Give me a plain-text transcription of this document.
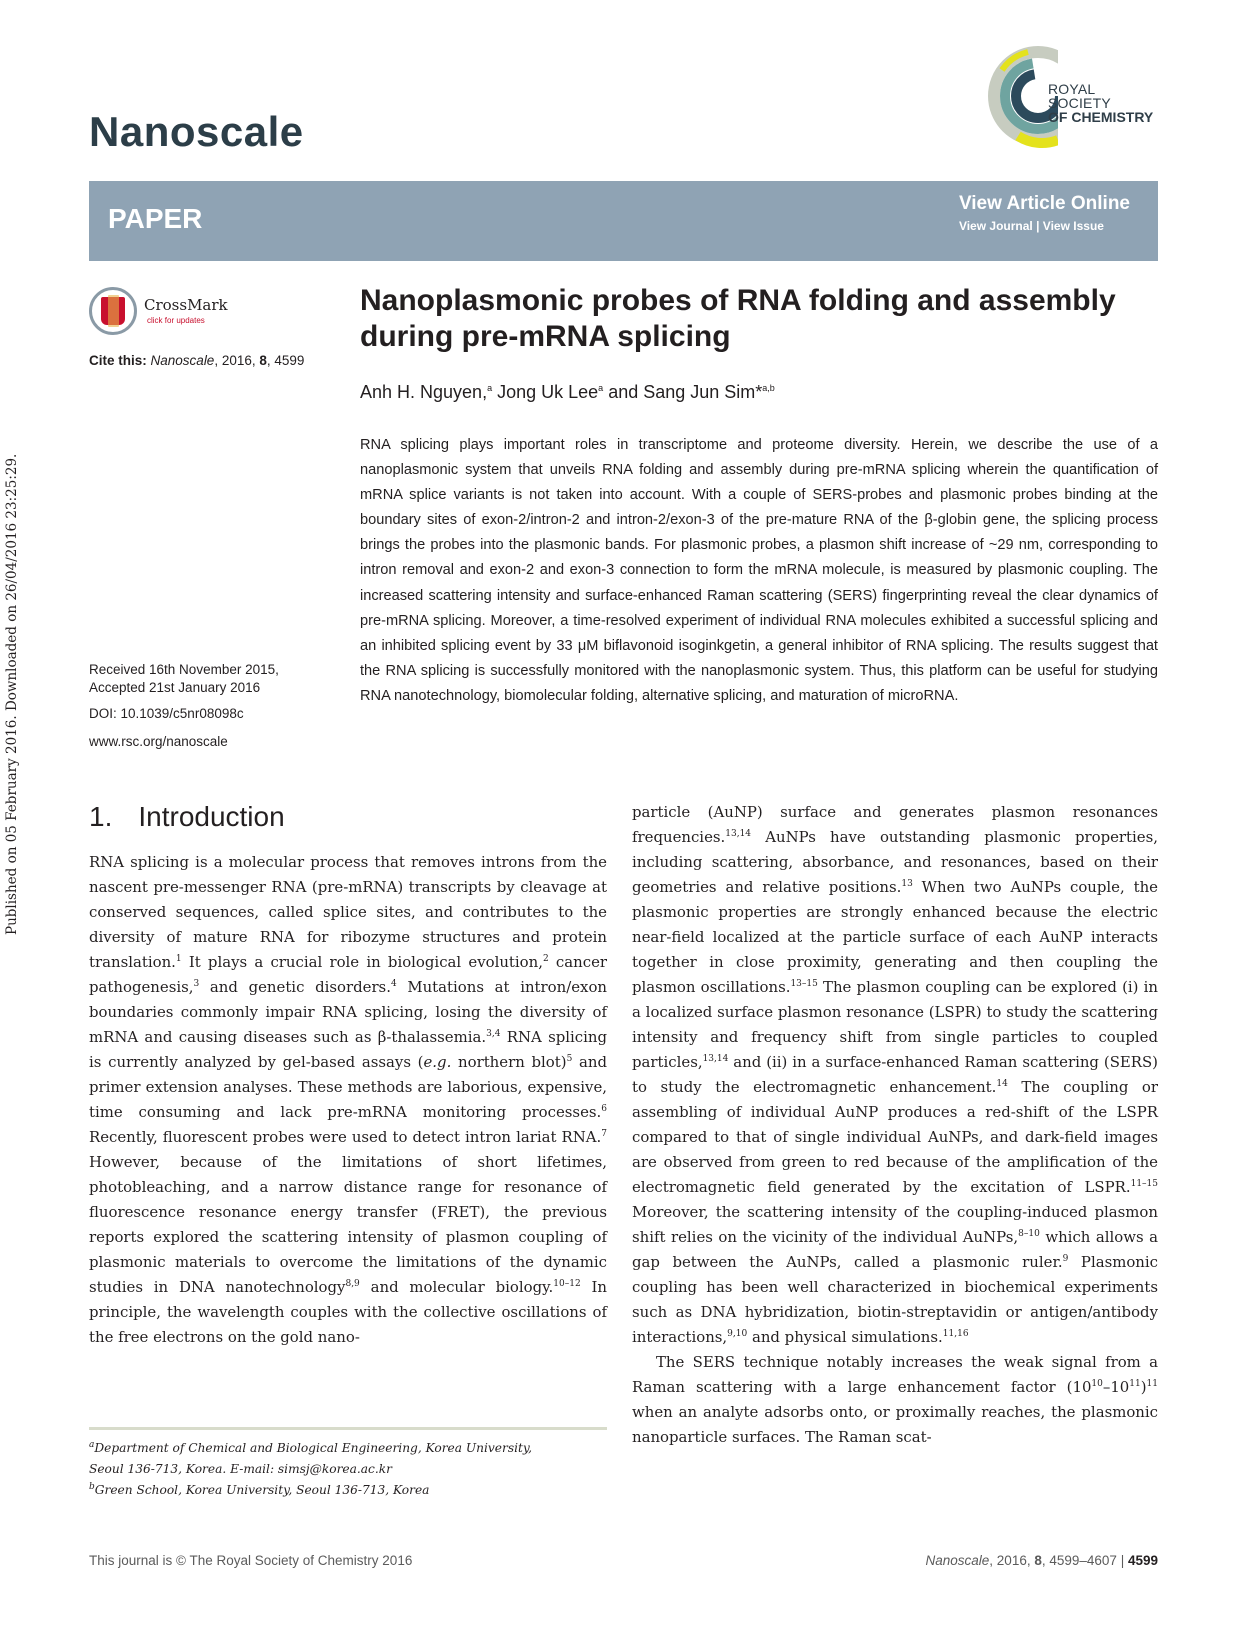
Published on 05 February 2016. Downloaded on 26/04/2016 23:25:29.
Nanoscale
ROYAL SOCIETY
OF CHEMISTRY
PAPER	View Article Online
View Journal | View Issue
CrossMark
click for updates
Cite this: Nanoscale, 2016, 8, 4599
Received 16th November 2015,
Accepted 21st January 2016
DOI: 10.1039/c5nr08098c
www.rsc.org/nanoscale
Nanoplasmonic probes of RNA folding and assembly during pre-mRNA splicing
Anh H. Nguyen,$^a$ Jong Uk Lee$^a$ and Sang Jun Sim*$^{a,b}$
RNA splicing plays important roles in transcriptome and proteome diversity. Herein, we describe the use of a nanoplasmonic system that unveils RNA folding and assembly during pre-mRNA splicing wherein the quantification of mRNA splice variants is not taken into account. With a couple of SERS-probes and plasmonic probes binding at the boundary sites of exon-2/intron-2 and intron-2/exon-3 of the pre-mature RNA of the β-globin gene, the splicing process brings the probes into the plasmonic bands. For plasmonic probes, a plasmon shift increase of ~29 nm, corresponding to intron removal and exon-2 and exon-3 connection to form the mRNA molecule, is measured by plasmonic coupling. The increased scattering intensity and surface-enhanced Raman scattering (SERS) fingerprinting reveal the clear dynamics of pre-mRNA splicing. Moreover, a time-resolved experiment of individual RNA molecules exhibited a successful splicing and an inhibited splicing event by 33 μM biflavonoid isoginkgetin, a general inhibitor of RNA splicing. The results suggest that the RNA splicing is successfully monitored with the nanoplasmonic system. Thus, this platform can be useful for studying RNA nanotechnology, biomolecular folding, alternative splicing, and maturation of microRNA.
1. Introduction
RNA splicing is a molecular process that removes introns from the nascent pre-messenger RNA (pre-mRNA) transcripts by cleavage at conserved sequences, called splice sites, and contributes to the diversity of mature RNA for ribozyme structures and protein translation.$^1$ It plays a crucial role in biological evolution,$^2$ cancer pathogenesis,$^3$ and genetic disorders.$^4$ Mutations at intron/exon boundaries commonly impair RNA splicing, losing the diversity of mRNA and causing diseases such as β-thalassemia.$^{3,4}$ RNA splicing is currently analyzed by gel-based assays (e.g. northern blot)$^5$ and primer extension analyses. These methods are laborious, expensive, time consuming and lack pre-mRNA monitoring processes.$^6$ Recently, fluorescent probes were used to detect intron lariat RNA.$^7$ However, because of the limitations of short lifetimes, photobleaching, and a narrow distance range for resonance of fluorescence resonance energy transfer (FRET), the previous reports explored the scattering intensity of plasmon coupling of plasmonic materials to overcome the limitations of the dynamic studies in DNA nanotechnology$^{8,9}$ and molecular biology.$^{10-12}$ In principle, the wavelength couples with the collective oscillations of the free electrons on the gold nano-

particle (AuNP) surface and generates plasmon resonances frequencies.$^{13,14}$ AuNPs have outstanding plasmonic properties, including scattering, absorbance, and resonances, based on their geometries and relative positions.$^{13}$ When two AuNPs couple, the plasmonic properties are strongly enhanced because the electric near-field localized at the particle surface of each AuNP interacts together in close proximity, generating and then coupling the plasmon oscillations.$^{13-15}$ The plasmon coupling can be explored (i) in a localized surface plasmon resonance (LSPR) to study the scattering intensity and frequency shift from single particles to coupled particles,$^{13,14}$ and (ii) in a surface-enhanced Raman scattering (SERS) to study the electromagnetic enhancement.$^{14}$ The coupling or assembling of individual AuNP produces a red-shift of the LSPR compared to that of single individual AuNPs, and dark-field images are observed from green to red because of the amplification of the electromagnetic field generated by the excitation of LSPR.$^{11-15}$ Moreover, the scattering intensity of the coupling-induced plasmon shift relies on the vicinity of the individual AuNPs,$^{8-10}$ which allows a gap between the AuNPs, called a plasmonic ruler.$^9$ Plasmonic coupling has been well characterized in biochemical experiments such as DNA hybridization, biotin-streptavidin or antigen/antibody interactions,$^{9,10}$ and physical simulations.$^{11,16}$

The SERS technique notably increases the weak signal from a Raman scattering with a large enhancement factor $(10^{10}-10^{11})^{11}$ when an analyte adsorbs onto, or proximally reaches, the plasmonic nanoparticle surfaces. The Raman scat-

$^a$Department of Chemical and Biological Engineering, Korea University,
Seoul 136-713, Korea. E-mail: simsj@korea.ac.kr
$^b$Green School, Korea University, Seoul 136-713, Korea
This journal is © The Royal Society of Chemistry 2016	Nanoscale, 2016, 8, 4599–4607 | 4599
